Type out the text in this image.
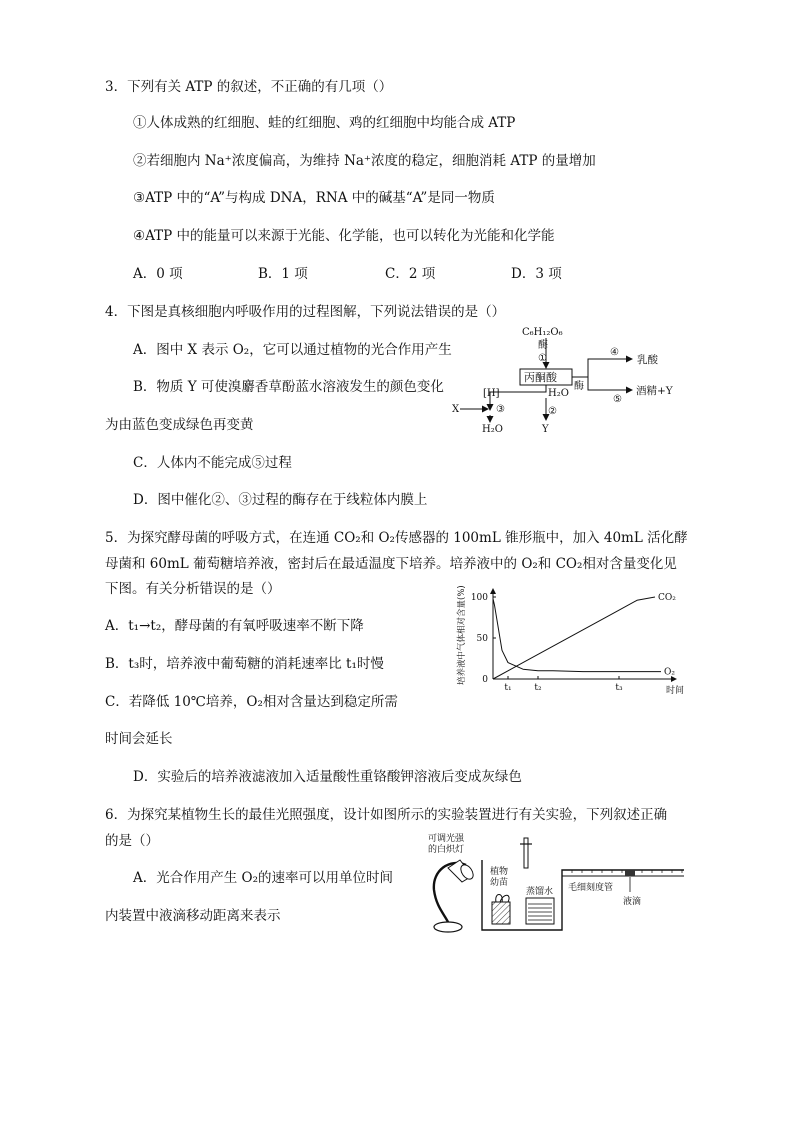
3．下列有关 ATP 的叙述，不正确的有几项（）
①人体成熟的红细胞、蛙的红细胞、鸡的红细胞中均能合成 ATP
②若细胞内 Na⁺浓度偏高，为维持 Na⁺浓度的稳定，细胞消耗 ATP 的量增加
③ATP 中的“A”与构成 DNA，RNA 中的碱基“A”是同一物质
④ATP 中的能量可以来源于光能、化学能，也可以转化为光能和化学能
A．0 项	B．1 项	C．2 项	D．3 项
4．下图是真核细胞内呼吸作用的过程图解，下列说法错误的是（）
A．图中 X 表示 O₂，它可以通过植物的光合作用产生
B．物质 Y 可使溴麝香草酚蓝水溶液发生的颜色变化
为由蓝色变成绿色再变黄
C．人体内不能完成⑤过程
D．图中催化②、③过程的酶存在于线粒体内膜上
C₆H₁₂O₆
酶
①
丙酮酸
④
乳酸
酶
⑤
酒精+Y
[H]	H₂O
②
Y
X	③
H₂O
5．为探究酵母菌的呼吸方式，在连通 CO₂和 O₂传感器的 100mL 锥形瓶中，加入 40mL 活化酵
母菌和 60mL 葡萄糖培养液，密封后在最适温度下培养。培养液中的 O₂和 CO₂相对含量变化见
下图。有关分析错误的是（）
A．t₁→t₂，酵母菌的有氧呼吸速率不断下降
B．t₃时，培养液中葡萄糖的消耗速率比 t₁时慢
C．若降低 10℃培养，O₂相对含量达到稳定所需
时间会延长
D．实验后的培养液滤液加入适量酸性重铬酸钾溶液后变成灰绿色
培养液中气体相对含量(%) 0
50
100
t₁	t₂	t₃
CO₂
O₂
时间
6．为探究某植物生长的最佳光照强度，设计如图所示的实验装置进行有关实验，下列叙述正确
的是（）
A．光合作用产生 O₂的速率可以用单位时间
内装置中液滴移动距离来表示
可调光强
的白炽灯
毛细刻度管
液滴
植物
幼苗
蒸馏水
